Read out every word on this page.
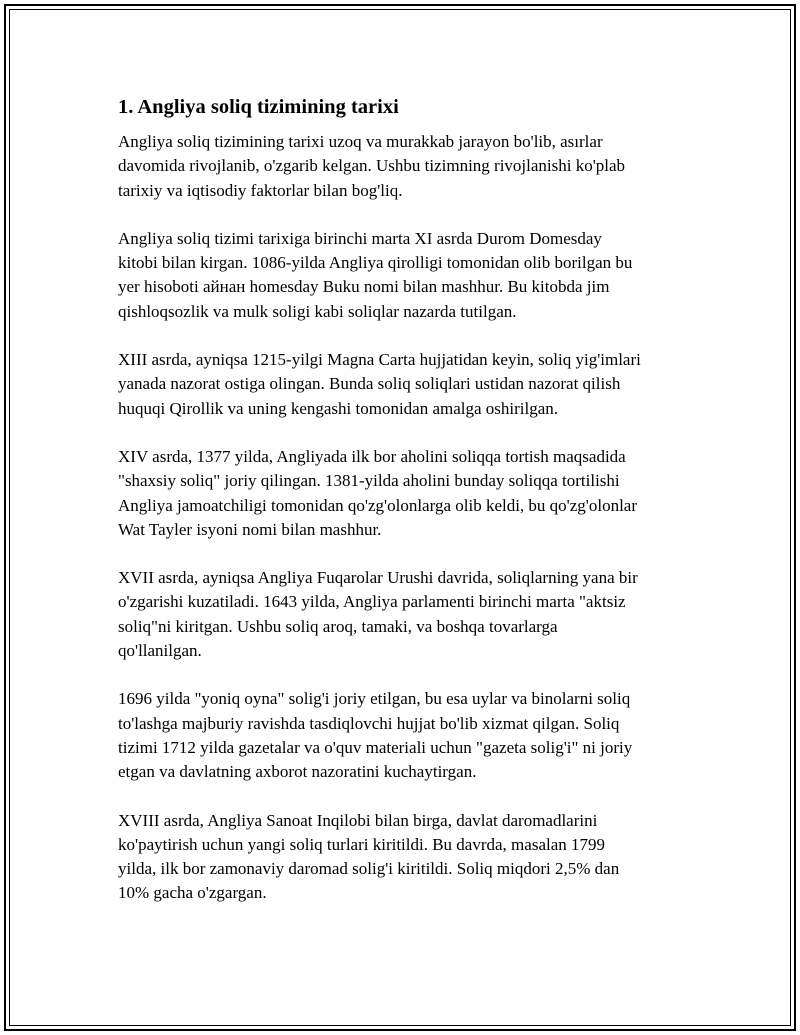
1. Angliya soliq tizimining tarixi

Angliya soliq tizimining tarixi uzoq va murakkab jarayon bo'lib, asırlar
davomida rivojlanib, o'zgarib kelgan. Ushbu tizimning rivojlanishi ko'plab
tarixiy va iqtisodiy faktorlar bilan bog'liq.

Angliya soliq tizimi tarixiga birinchi marta XI asrda Durom Domesday
kitobi bilan kirgan. 1086-yilda Angliya qirolligi tomonidan olib borilgan bu
yer hisoboti айнан homesday Buku nomi bilan mashhur. Bu kitobda jim
qishloqsozlik va mulk soligi kabi soliqlar nazarda tutilgan.

XIII asrda, ayniqsa 1215-yilgi Magna Carta hujjatidan keyin, soliq yig'imlari
yanada nazorat ostiga olingan. Bunda soliq soliqlari ustidan nazorat qilish
huquqi Qirollik va uning kengashi tomonidan amalga oshirilgan.

XIV asrda, 1377 yilda, Angliyada ilk bor aholini soliqqa tortish maqsadida
"shaxsiy soliq" joriy qilingan. 1381-yilda aholini bunday soliqqa tortilishi
Angliya jamoatchiligi tomonidan qo'zg'olonlarga olib keldi, bu qo'zg'olonlar
Wat Tayler isyoni nomi bilan mashhur.

XVII asrda, ayniqsa Angliya Fuqarolar Urushi davrida, soliqlarning yana bir
o'zgarishi kuzatiladi. 1643 yilda, Angliya parlamenti birinchi marta "aktsiz
soliq"ni kiritgan. Ushbu soliq aroq, tamaki, va boshqa tovarlarga
qo'llanilgan.

1696 yilda "yoniq oyna" solig'i joriy etilgan, bu esa uylar va binolarni soliq
to'lashga majburiy ravishda tasdiqlovchi hujjat bo'lib xizmat qilgan. Soliq
tizimi 1712 yilda gazetalar va o'quv materiali uchun "gazeta solig'i" ni joriy
etgan va davlatning axborot nazoratini kuchaytirgan.

XVIII asrda, Angliya Sanoat Inqilobi bilan birga, davlat daromadlarini
ko'paytirish uchun yangi soliq turlari kiritildi. Bu davrda, masalan 1799
yilda, ilk bor zamonaviy daromad solig'i kiritildi. Soliq miqdori 2,5% dan
10% gacha o'zgargan.
